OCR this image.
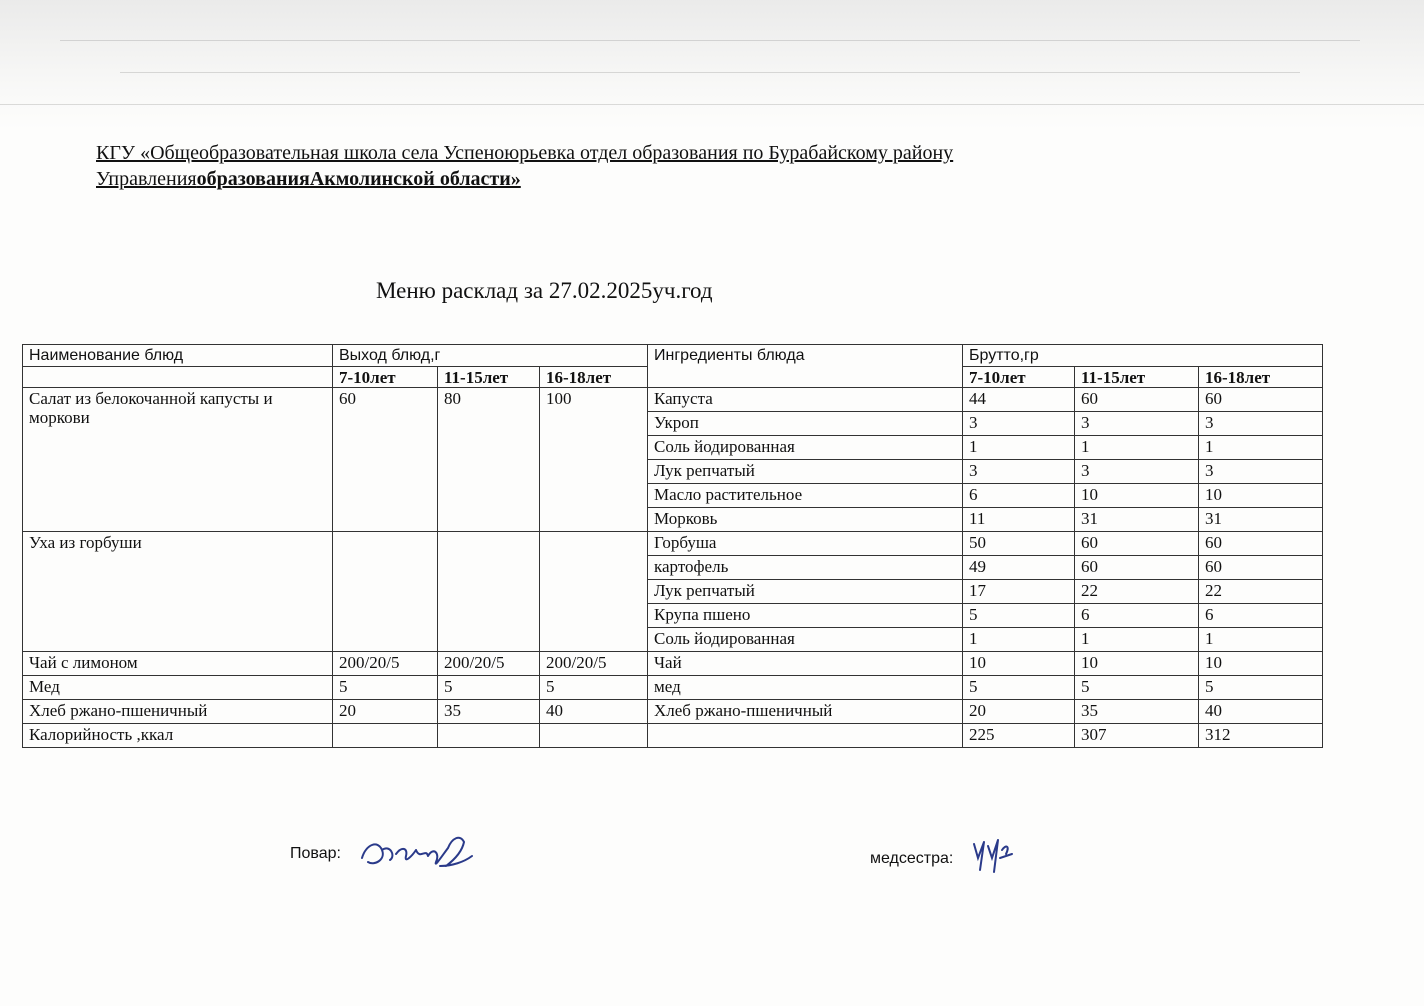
КГУ «Общеобразовательная школа села Успеноюрьевка отдел образования по Бурабайскому району
УправленияобразованияАкмолинской области»
Меню расклад за 27.02.2025уч.год
Наименование блюд	Выход блюд,г			Ингредиенты блюда	Брутто,гр		
	7-10лет	11-15лет	16-18лет		7-10лет	11-15лет	16-18лет
Салат из белокочанной капусты и моркови	60	80	100	Капуста	44	60	60
				Укроп	3	3	3
				Соль йодированная	1	1	1
				Лук репчатый	3	3	3
				Масло растительное	6	10	10
				Морковь	11	31	31
Уха из горбуши				Горбуша	50	60	60
				картофель	49	60	60
				Лук репчатый	17	22	22
				Крупа пшено	5	6	6
				Соль йодированная	1	1	1
Чай с лимоном	200/20/5	200/20/5	200/20/5	Чай	10	10	10
Мед	5	5	5	мед	5	5	5
Хлеб ржано-пшеничный	20	35	40	Хлеб ржано-пшеничный	20	35	40
Калорийность ,ккал					225	307	312
Повар:	медсестра:
